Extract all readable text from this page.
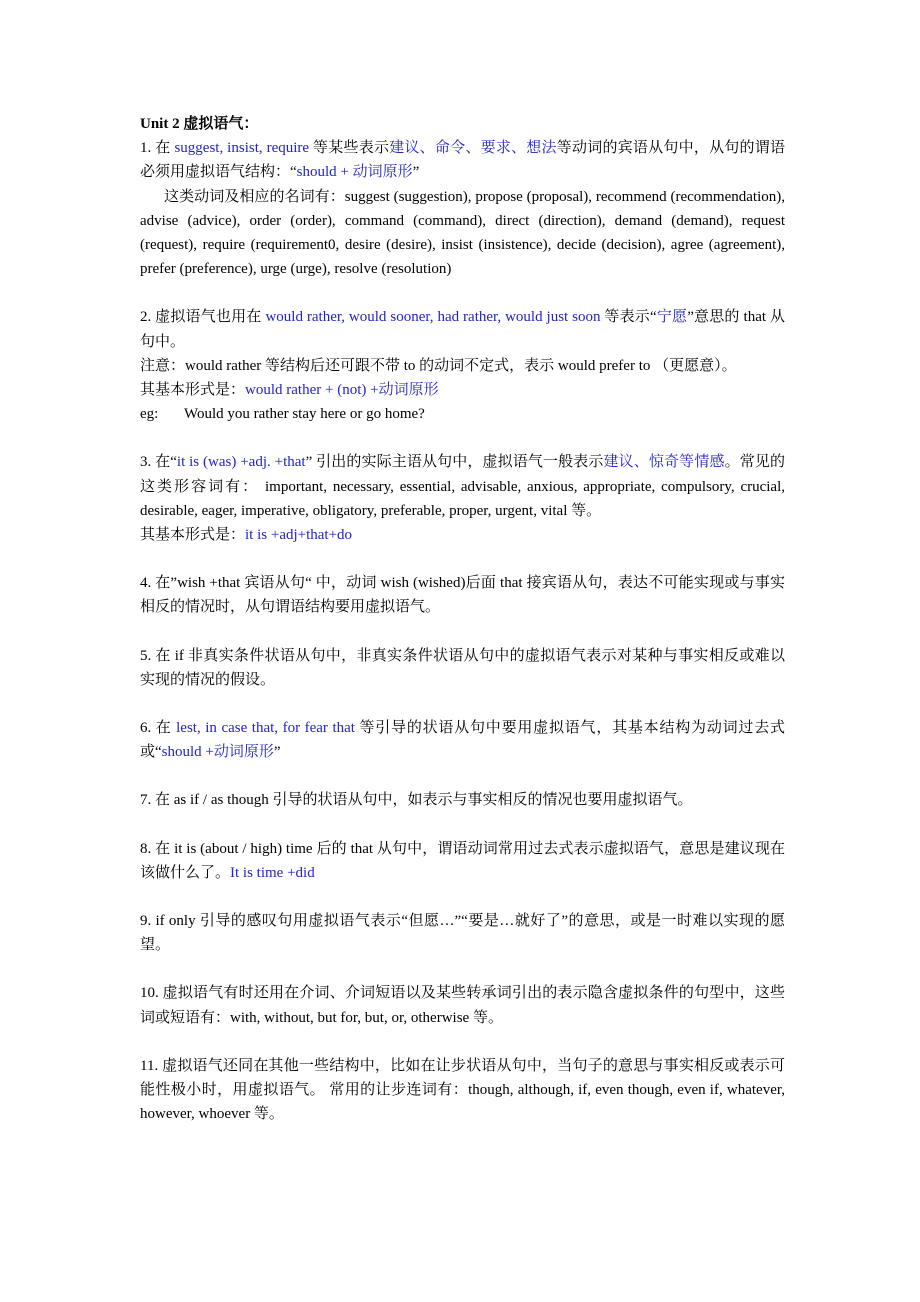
Unit 2 虚拟语气：

1. 在 suggest, insist, require 等某些表示建议、命令、要求、想法等动词的宾语从句中，从句的谓语必须用虚拟语气结构：“should + 动词原形”

这类动词及相应的名词有：suggest (suggestion), propose (proposal), recommend (recommendation), advise (advice), order (order), command (command), direct (direction), demand (demand), request (request), require (requirement0, desire (desire), insist (insistence), decide (decision), agree (agreement), prefer (preference), urge (urge), resolve (resolution)

2. 虚拟语气也用在 would rather, would sooner, had rather, would just soon 等表示“宁愿”意思的 that 从句中。

注意：would rather 等结构后还可跟不带 to 的动词不定式，表示 would prefer to （更愿意）。

其基本形式是：would rather + (not) +动词原形

eg: Would you rather stay here or go home?

3. 在“it is (was) +adj. +that” 引出的实际主语从句中，虚拟语气一般表示建议、惊奇等情感。常见的这类形容词有： important, necessary, essential, advisable, anxious, appropriate, compulsory, crucial, desirable, eager, imperative, obligatory, preferable, proper, urgent, vital 等。

其基本形式是：it is +adj+that+do

4. 在”wish +that 宾语从句“ 中，动词 wish (wished)后面 that 接宾语从句，表达不可能实现或与事实相反的情况时，从句谓语结构要用虚拟语气。

5. 在 if 非真实条件状语从句中，非真实条件状语从句中的虚拟语气表示对某种与事实相反或难以实现的情况的假设。

6. 在 lest, in case that, for fear that 等引导的状语从句中要用虚拟语气，其基本结构为动词过去式或“should +动词原形”

7. 在 as if / as though 引导的状语从句中，如表示与事实相反的情况也要用虚拟语气。

8. 在 it is (about / high) time 后的 that 从句中，谓语动词常用过去式表示虚拟语气，意思是建议现在该做什么了。It is time +did

9. if only 引导的感叹句用虚拟语气表示“但愿…”“要是…就好了”的意思，或是一时难以实现的愿望。

10. 虚拟语气有时还用在介词、介词短语以及某些转承词引出的表示隐含虚拟条件的句型中，这些词或短语有：with, without, but for, but, or, otherwise 等。

11. 虚拟语气还同在其他一些结构中，比如在让步状语从句中，当句子的意思与事实相反或表示可能性极小时，用虚拟语气。 常用的让步连词有：though, although, if, even though, even if, whatever, however, whoever 等。
